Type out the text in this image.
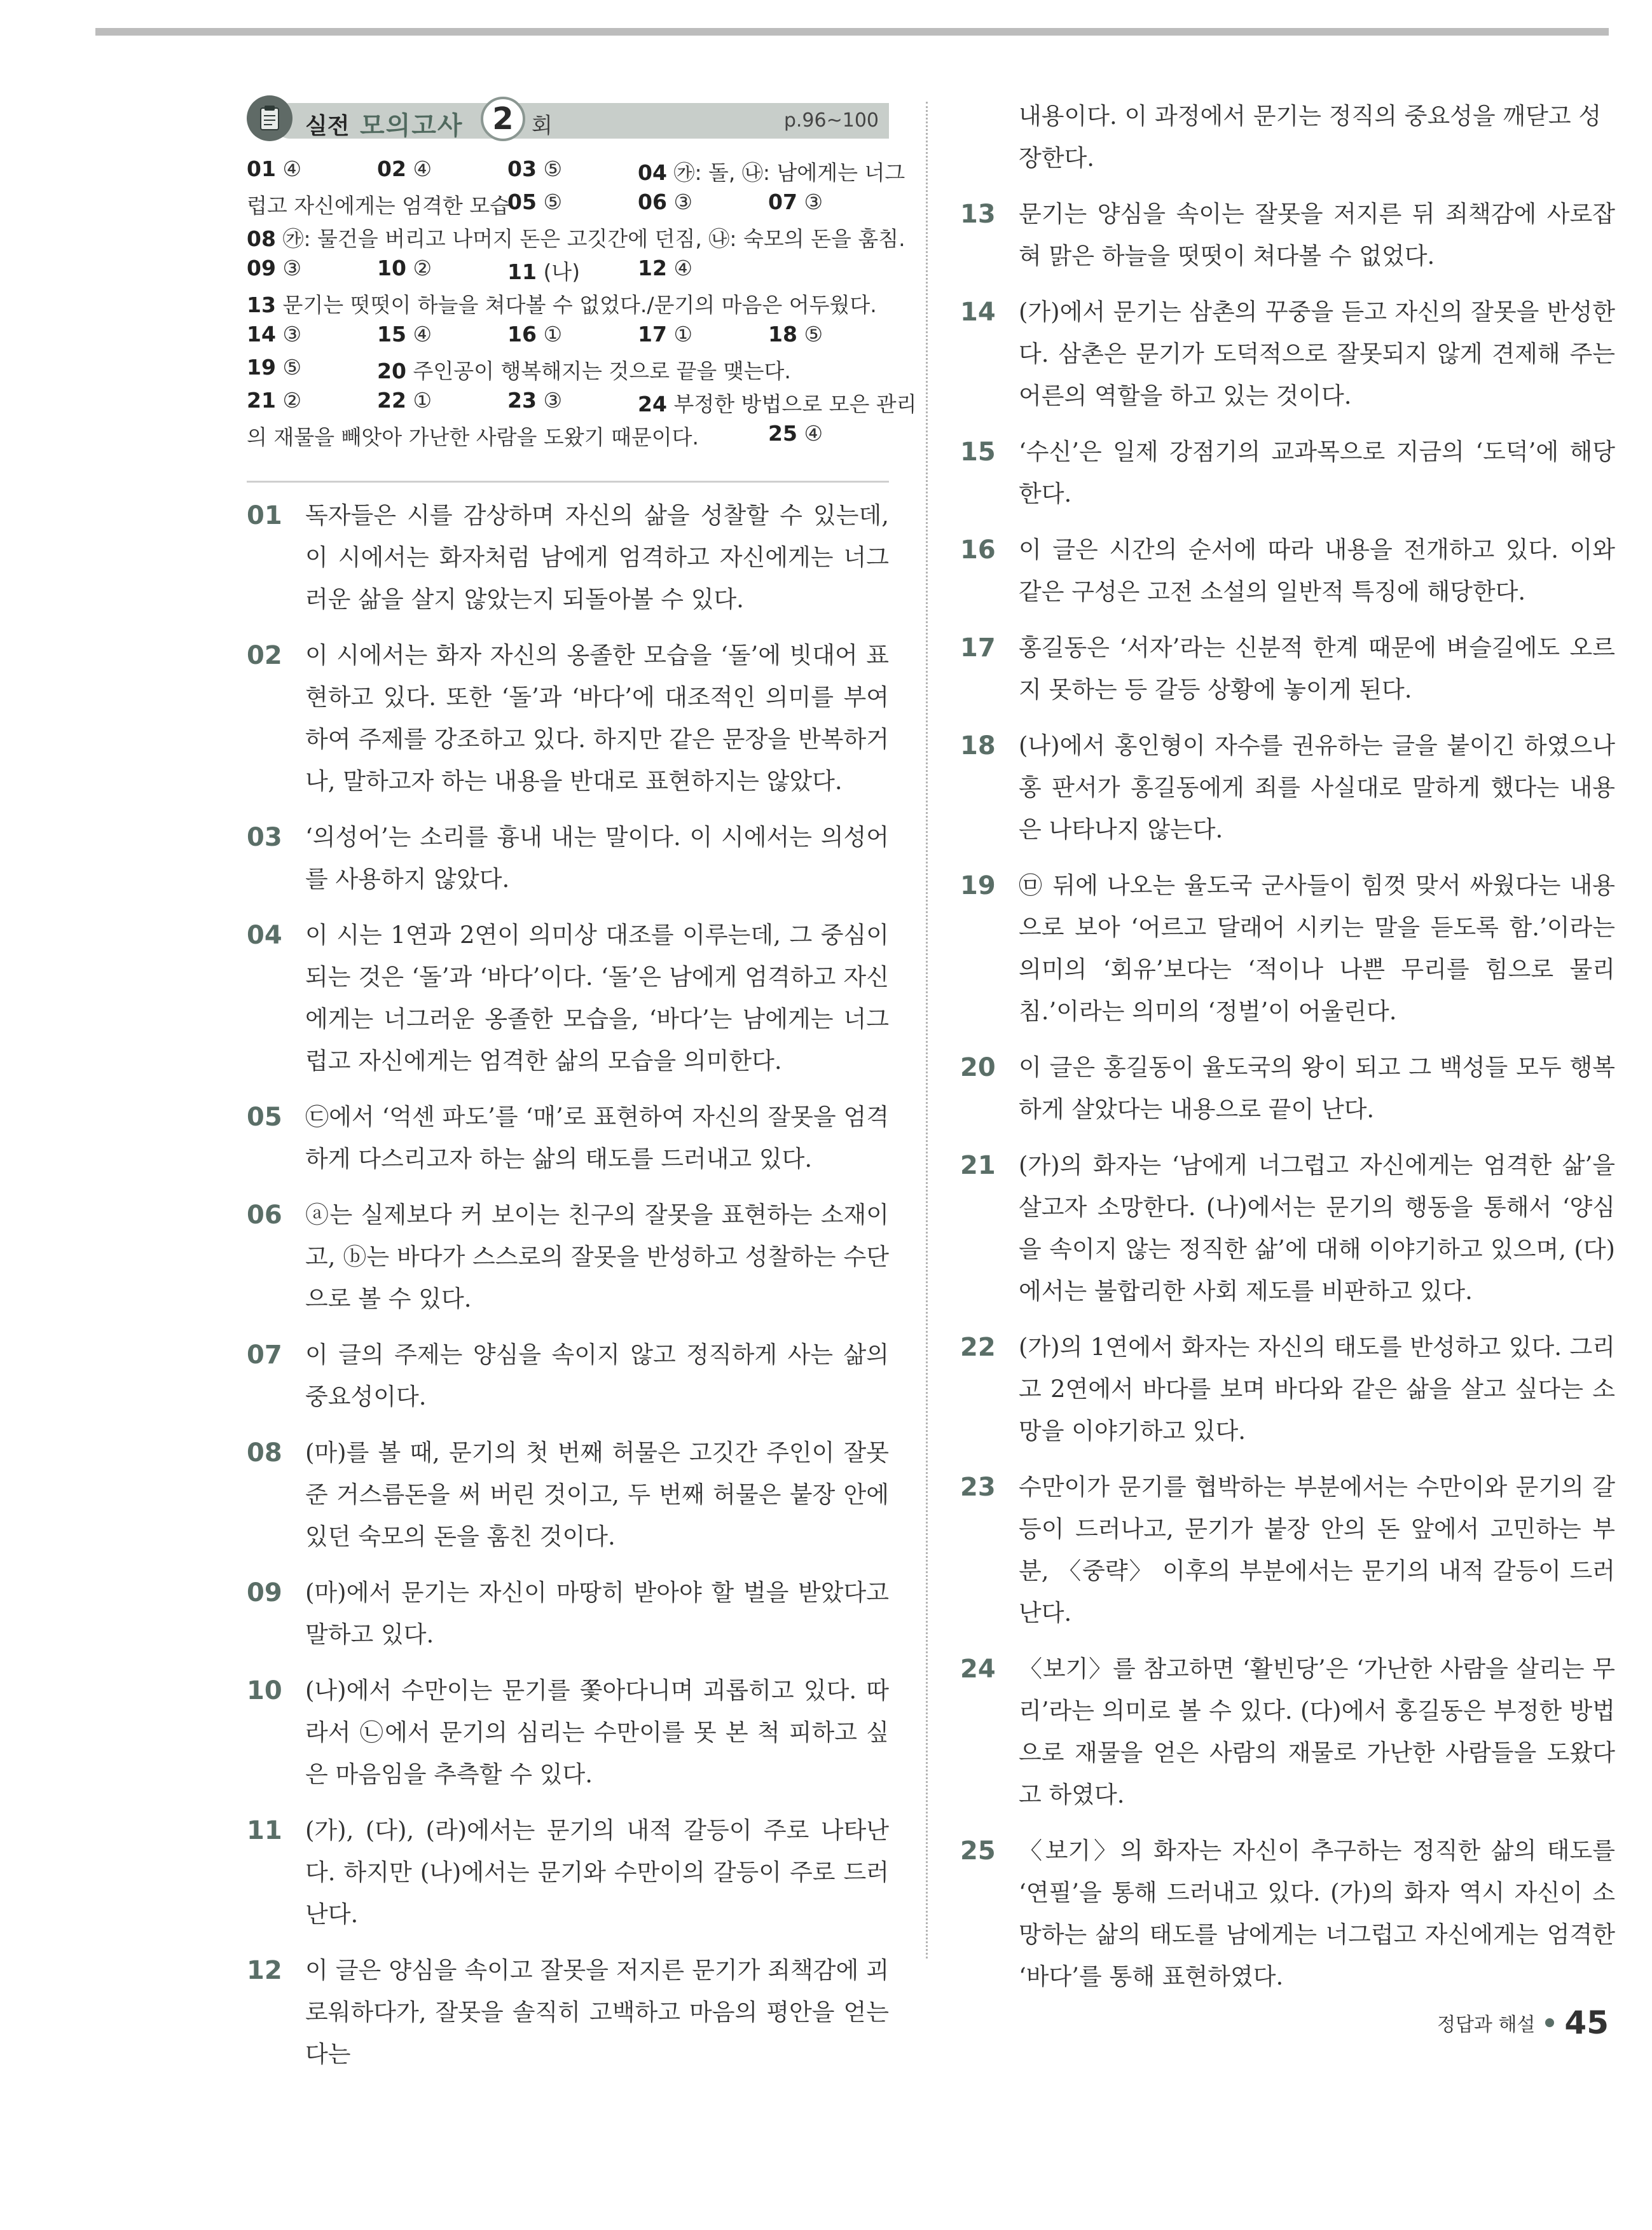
실전 모의고사 2 회	p.96~100
01 ④	02 ④	03 ⑤	04 ㉮: 돌, ㉯: 남에게는 너그
럽고 자신에게는 엄격한 모습
05 ⑤	06 ③	07 ③
08 ㉮: 물건을 버리고 나머지 돈은 고깃간에 던짐, ㉯: 숙모의 돈을 훔침.
09 ③	10 ②	11 (나)	12 ④
13 문기는 떳떳이 하늘을 쳐다볼 수 없었다./문기의 마음은 어두웠다.
14 ③	15 ④	16 ①	17 ①	18 ⑤
19 ⑤	20 주인공이 행복해지는 것으로 끝을 맺는다.
21 ②	22 ①	23 ③	24 부정한 방법으로 모은 관리
의 재물을 빼앗아 가난한 사람을 도왔기 때문이다.	25 ④
01 독자들은 시를 감상하며 자신의 삶을 성찰할 수 있는데, 이 시에서는 화자처럼 남에게 엄격하고 자신에게는 너그러운 삶을 살지 않았는지 되돌아볼 수 있다.
02 이 시에서는 화자 자신의 옹졸한 모습을 ‘돌’에 빗대어 표현하고 있다. 또한 ‘돌’과 ‘바다’에 대조적인 의미를 부여하여 주제를 강조하고 있다. 하지만 같은 문장을 반복하거나, 말하고자 하는 내용을 반대로 표현하지는 않았다.
03 ‘의성어’는 소리를 흉내 내는 말이다. 이 시에서는 의성어를 사용하지 않았다.
04 이 시는 1연과 2연이 의미상 대조를 이루는데, 그 중심이 되는 것은 ‘돌’과 ‘바다’이다. ‘돌’은 남에게 엄격하고 자신에게는 너그러운 옹졸한 모습을, ‘바다’는 남에게는 너그럽고 자신에게는 엄격한 삶의 모습을 의미한다.
05 ㉢에서 ‘억센 파도’를 ‘매’로 표현하여 자신의 잘못을 엄격하게 다스리고자 하는 삶의 태도를 드러내고 있다.
06 ⓐ는 실제보다 커 보이는 친구의 잘못을 표현하는 소재이고, ⓑ는 바다가 스스로의 잘못을 반성하고 성찰하는 수단으로 볼 수 있다.
07 이 글의 주제는 양심을 속이지 않고 정직하게 사는 삶의 중요성이다.
08 (마)를 볼 때, 문기의 첫 번째 허물은 고깃간 주인이 잘못 준 거스름돈을 써 버린 것이고, 두 번째 허물은 붙장 안에 있던 숙모의 돈을 훔친 것이다.
09 (마)에서 문기는 자신이 마땅히 받아야 할 벌을 받았다고 말하고 있다.
10 (나)에서 수만이는 문기를 쫓아다니며 괴롭히고 있다. 따라서 ㉡에서 문기의 심리는 수만이를 못 본 척 피하고 싶은 마음임을 추측할 수 있다.
11 (가), (다), (라)에서는 문기의 내적 갈등이 주로 나타난다. 하지만 (나)에서는 문기와 수만이의 갈등이 주로 드러난다.
12 이 글은 양심을 속이고 잘못을 저지른 문기가 죄책감에 괴로워하다가, 잘못을 솔직히 고백하고 마음의 평안을 얻는다는
내용이다. 이 과정에서 문기는 정직의 중요성을 깨닫고 성장한다.
13 문기는 양심을 속이는 잘못을 저지른 뒤 죄책감에 사로잡혀 맑은 하늘을 떳떳이 쳐다볼 수 없었다.
14 (가)에서 문기는 삼촌의 꾸중을 듣고 자신의 잘못을 반성한다. 삼촌은 문기가 도덕적으로 잘못되지 않게 견제해 주는 어른의 역할을 하고 있는 것이다.
15 ‘수신’은 일제 강점기의 교과목으로 지금의 ‘도덕’에 해당한다.
16 이 글은 시간의 순서에 따라 내용을 전개하고 있다. 이와 같은 구성은 고전 소설의 일반적 특징에 해당한다.
17 홍길동은 ‘서자’라는 신분적 한계 때문에 벼슬길에도 오르지 못하는 등 갈등 상황에 놓이게 된다.
18 (나)에서 홍인형이 자수를 권유하는 글을 붙이긴 하였으나 홍 판서가 홍길동에게 죄를 사실대로 말하게 했다는 내용은 나타나지 않는다.
19 ㉤ 뒤에 나오는 율도국 군사들이 힘껏 맞서 싸웠다는 내용으로 보아 ‘어르고 달래어 시키는 말을 듣도록 함.’이라는 의미의 ‘회유’보다는 ‘적이나 나쁜 무리를 힘으로 물리침.’이라는 의미의 ‘정벌’이 어울린다.
20 이 글은 홍길동이 율도국의 왕이 되고 그 백성들 모두 행복하게 살았다는 내용으로 끝이 난다.
21 (가)의 화자는 ‘남에게 너그럽고 자신에게는 엄격한 삶’을 살고자 소망한다. (나)에서는 문기의 행동을 통해서 ‘양심을 속이지 않는 정직한 삶’에 대해 이야기하고 있으며, (다)에서는 불합리한 사회 제도를 비판하고 있다.
22 (가)의 1연에서 화자는 자신의 태도를 반성하고 있다. 그리고 2연에서 바다를 보며 바다와 같은 삶을 살고 싶다는 소망을 이야기하고 있다.
23 수만이가 문기를 협박하는 부분에서는 수만이와 문기의 갈등이 드러나고, 문기가 붙장 안의 돈 앞에서 고민하는 부분, 〈중략〉 이후의 부분에서는 문기의 내적 갈등이 드러난다.
24 〈보기〉를 참고하면 ‘활빈당’은 ‘가난한 사람을 살리는 무리’라는 의미로 볼 수 있다. (다)에서 홍길동은 부정한 방법으로 재물을 얻은 사람의 재물로 가난한 사람들을 도왔다고 하였다.
25 〈보기〉의 화자는 자신이 추구하는 정직한 삶의 태도를 ‘연필’을 통해 드러내고 있다. (가)의 화자 역시 자신이 소망하는 삶의 태도를 남에게는 너그럽고 자신에게는 엄격한 ‘바다’를 통해 표현하였다.
정답과 해설 45
